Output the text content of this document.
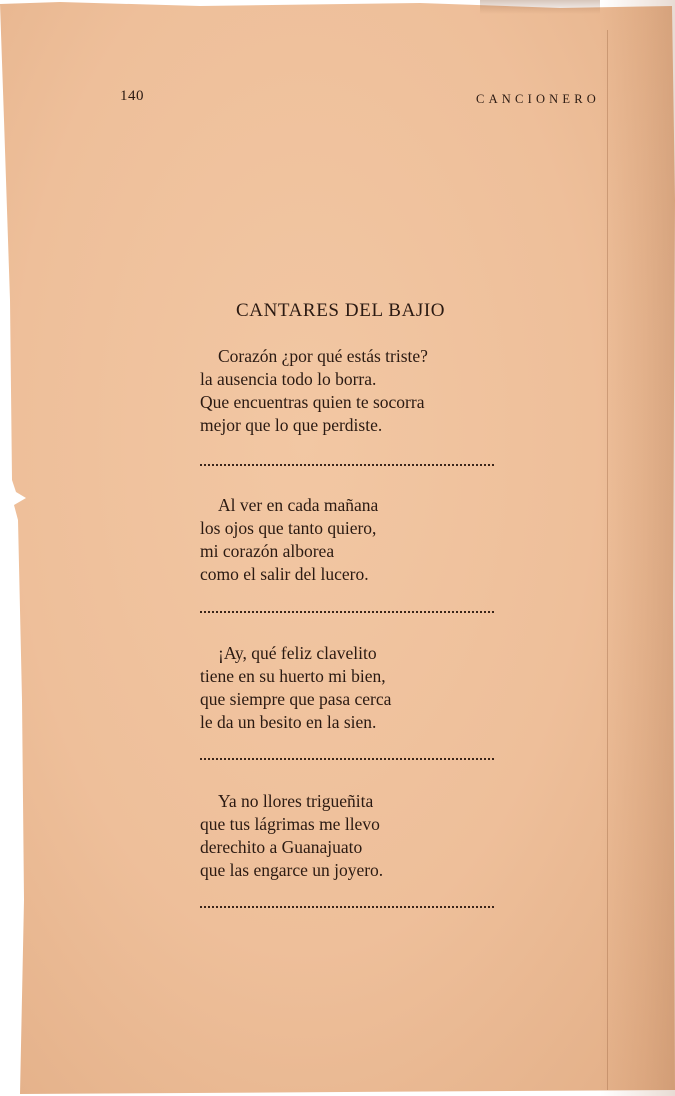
140	CANCIONERO
CANTARES DEL BAJIO
Corazón ¿por qué estás triste?
la ausencia todo lo borra.
Que encuentras quien te socorra
mejor que lo que perdiste.
Al ver en cada mañana
los ojos que tanto quiero,
mi corazón alborea
como el salir del lucero.
¡Ay, qué feliz clavelito
tiene en su huerto mi bien,
que siempre que pasa cerca
le da un besito en la sien.
Ya no llores trigueñita
que tus lágrimas me llevo
derechito a Guanajuato
que las engarce un joyero.
